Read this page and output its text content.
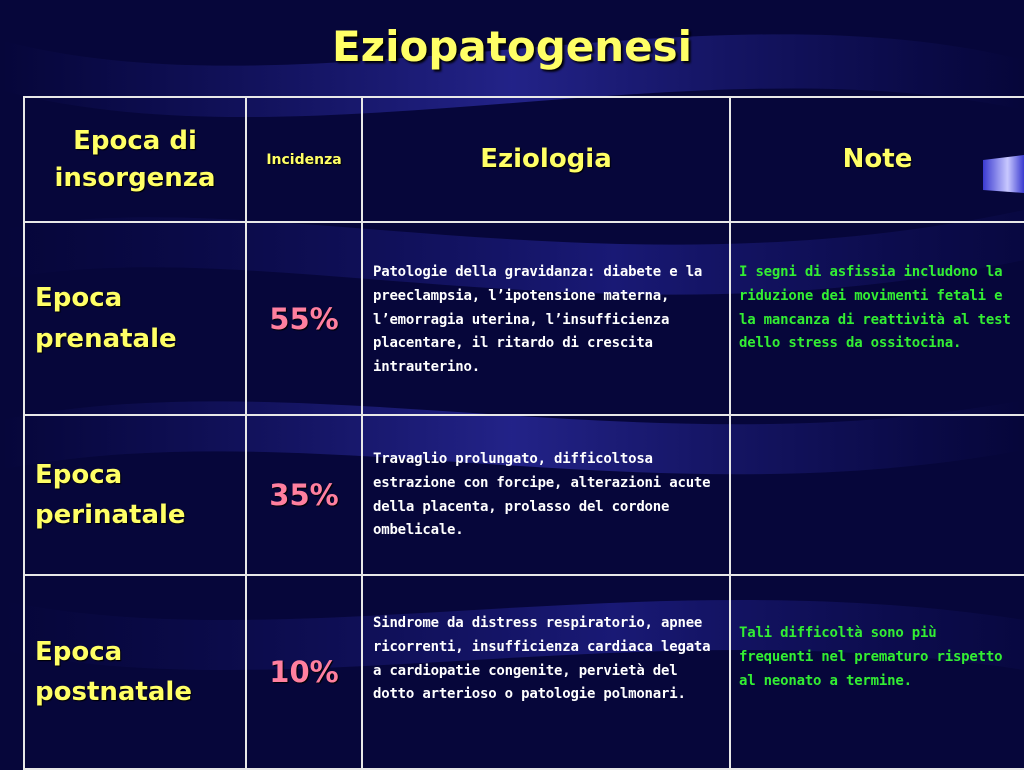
Eziopatogenesi
Epoca di insorgenza	Incidenza	Eziologia	Note
Epoca prenatale	55%	Patologie della gravidanza: diabete e la preeclampsia, l’ipotensione materna, l’emorragia uterina, l’insufficienza placentare, il ritardo di crescita intrauterino.	I segni di asfissia includono la riduzione dei movimenti fetali e la mancanza di reattività al test dello stress da ossitocina.
Epoca perinatale	35%	Travaglio prolungato, difficoltosa estrazione con forcipe, alterazioni acute della placenta, prolasso del cordone ombelicale.	
Epoca postnatale	10%	Sindrome da distress respiratorio, apnee ricorrenti, insufficienza cardiaca legata a cardiopatie congenite, pervietà del dotto arterioso o patologie polmonari.	Tali difficoltà sono più frequenti nel prematuro rispetto al neonato a termine.
